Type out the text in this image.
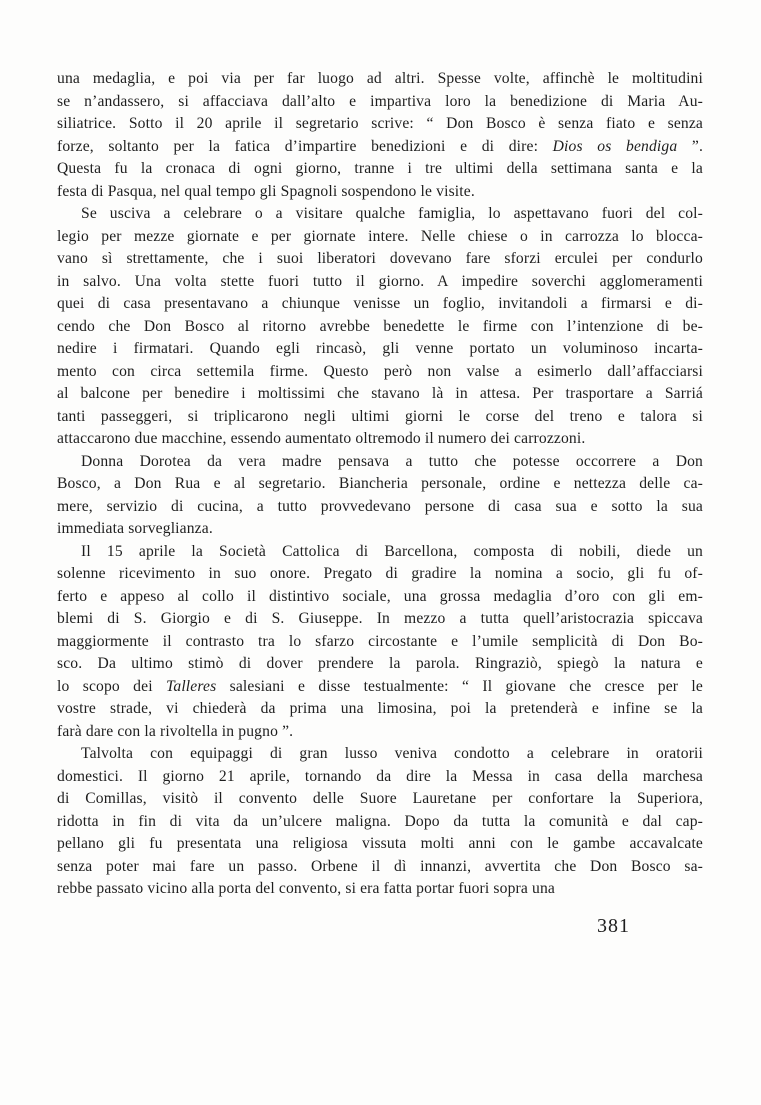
una medaglia, e poi via per far luogo ad altri. Spesse volte, affinchè le moltitudini
se n’andassero, si affacciava dall’alto e impartiva loro la benedizione di Maria Au-
siliatrice. Sotto il 20 aprile il segretario scrive: “ Don Bosco è senza fiato e senza
forze, soltanto per la fatica d’impartire benedizioni e di dire: Dios os bendiga ”.
Questa fu la cronaca di ogni giorno, tranne i tre ultimi della settimana santa e la
festa di Pasqua, nel qual tempo gli Spagnoli sospendono le visite.
Se usciva a celebrare o a visitare qualche famiglia, lo aspettavano fuori del col-
legio per mezze giornate e per giornate intere. Nelle chiese o in carrozza lo blocca-
vano sì strettamente, che i suoi liberatori dovevano fare sforzi erculei per condurlo
in salvo. Una volta stette fuori tutto il giorno. A impedire soverchi agglomeramenti
quei di casa presentavano a chiunque venisse un foglio, invitandoli a firmarsi e di-
cendo che Don Bosco al ritorno avrebbe benedette le firme con l’intenzione di be-
nedire i firmatari. Quando egli rincasò, gli venne portato un voluminoso incarta-
mento con circa settemila firme. Questo però non valse a esimerlo dall’affacciarsi
al balcone per benedire i moltissimi che stavano là in attesa. Per trasportare a Sarriá
tanti passeggeri, si triplicarono negli ultimi giorni le corse del treno e talora si
attaccarono due macchine, essendo aumentato oltremodo il numero dei carrozzoni.
Donna Dorotea da vera madre pensava a tutto che potesse occorrere a Don
Bosco, a Don Rua e al segretario. Biancheria personale, ordine e nettezza delle ca-
mere, servizio di cucina, a tutto provvedevano persone di casa sua e sotto la sua
immediata sorveglianza.
Il 15 aprile la Società Cattolica di Barcellona, composta di nobili, diede un
solenne ricevimento in suo onore. Pregato di gradire la nomina a socio, gli fu of-
ferto e appeso al collo il distintivo sociale, una grossa medaglia d’oro con gli em-
blemi di S. Giorgio e di S. Giuseppe. In mezzo a tutta quell’aristocrazia spiccava
maggiormente il contrasto tra lo sfarzo circostante e l’umile semplicità di Don Bo-
sco. Da ultimo stimò di dover prendere la parola. Ringraziò, spiegò la natura e
lo scopo dei Talleres salesiani e disse testualmente: “ Il giovane che cresce per le
vostre strade, vi chiederà da prima una limosina, poi la pretenderà e infine se la
farà dare con la rivoltella in pugno ”.
Talvolta con equipaggi di gran lusso veniva condotto a celebrare in oratorii
domestici. Il giorno 21 aprile, tornando da dire la Messa in casa della marchesa
di Comillas, visitò il convento delle Suore Lauretane per confortare la Superiora,
ridotta in fin di vita da un’ulcere maligna. Dopo da tutta la comunità e dal cap-
pellano gli fu presentata una religiosa vissuta molti anni con le gambe accavalcate
senza poter mai fare un passo. Orbene il dì innanzi, avvertita che Don Bosco sa-
rebbe passato vicino alla porta del convento, si era fatta portar fuori sopra una
381
